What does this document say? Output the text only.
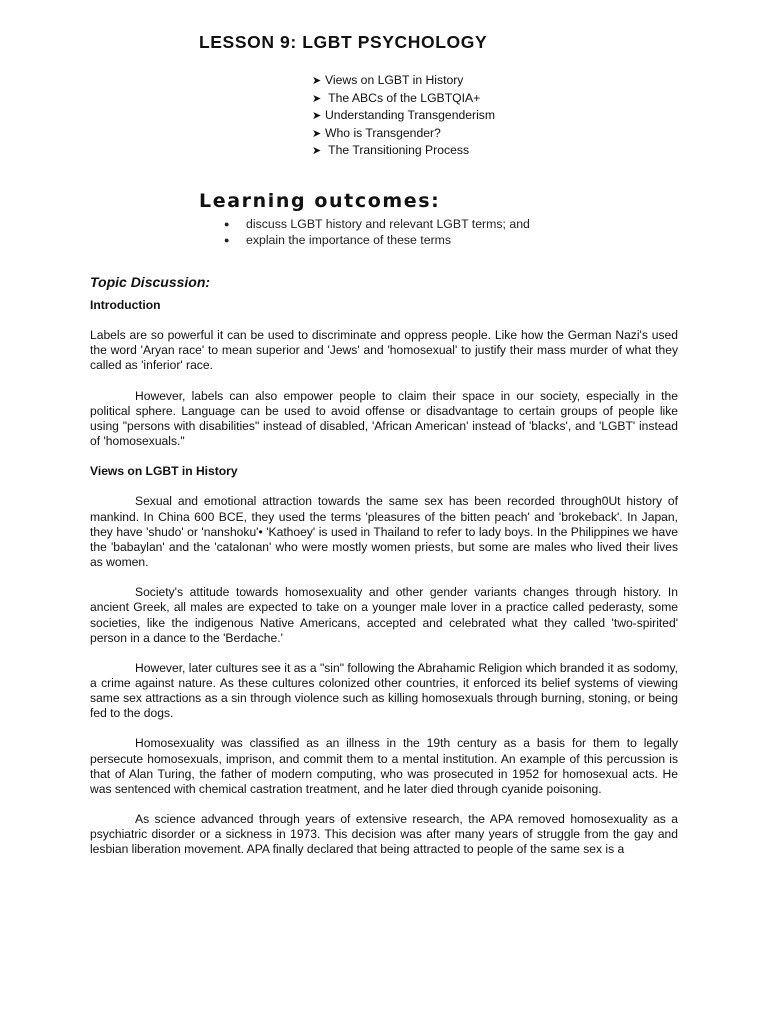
LESSON 9: LGBT PSYCHOLOGY
➤ Views on LGBT in History
➤ The ABCs of the LGBTQIA+
➤ Understanding Transgenderism
➤ Who is Transgender?
➤ The Transitioning Process
Learning outcomes:
● discuss LGBT history and relevant LGBT terms; and
● explain the importance of these terms
Topic Discussion:

Introduction

Labels are so powerful it can be used to discriminate and oppress people. Like how the German Nazi's used the word 'Aryan race' to mean superior and 'Jews' and 'homosexual' to justify their mass murder of what they called as 'inferior' race.

However, labels can also empower people to claim their space in our society, especially in the political sphere. Language can be used to avoid offense or disadvantage to certain groups of people like using "persons with disabilities" instead of disabled, 'African American' instead of 'blacks', and 'LGBT' instead of 'homosexuals."

Views on LGBT in History

Sexual and emotional attraction towards the same sex has been recorded through0Ut history of mankind. In China 600 BCE, they used the terms 'pleasures of the bitten peach' and 'brokeback'. In Japan, they have 'shudo' or 'nanshoku'• 'Kathoey' is used in Thailand to refer to lady boys. In the Philippines we have the 'babaylan' and the 'catalonan' who were mostly women priests, but some are males who lived their lives as women.

Society's attitude towards homosexuality and other gender variants changes through history. In ancient Greek, all males are expected to take on a younger male lover in a practice called pederasty, some societies, like the indigenous Native Americans, accepted and celebrated what they called 'two-spirited' person in a dance to the 'Berdache.'

However, later cultures see it as a "sin" following the Abrahamic Religion which branded it as sodomy, a crime against nature. As these cultures colonized other countries, it enforced its belief systems of viewing same sex attractions as a sin through violence such as killing homosexuals through burning, stoning, or being fed to the dogs.

Homosexuality was classified as an illness in the 19th century as a basis for them to legally persecute homosexuals, imprison, and commit them to a mental institution. An example of this percussion is that of Alan Turing, the father of modern computing, who was prosecuted in 1952 for homosexual acts. He was sentenced with chemical castration treatment, and he later died through cyanide poisoning.

As science advanced through years of extensive research, the APA removed homosexuality as a psychiatric disorder or a sickness in 1973. This decision was after many years of struggle from the gay and lesbian liberation movement. APA finally declared that being attracted to people of the same sex is a
